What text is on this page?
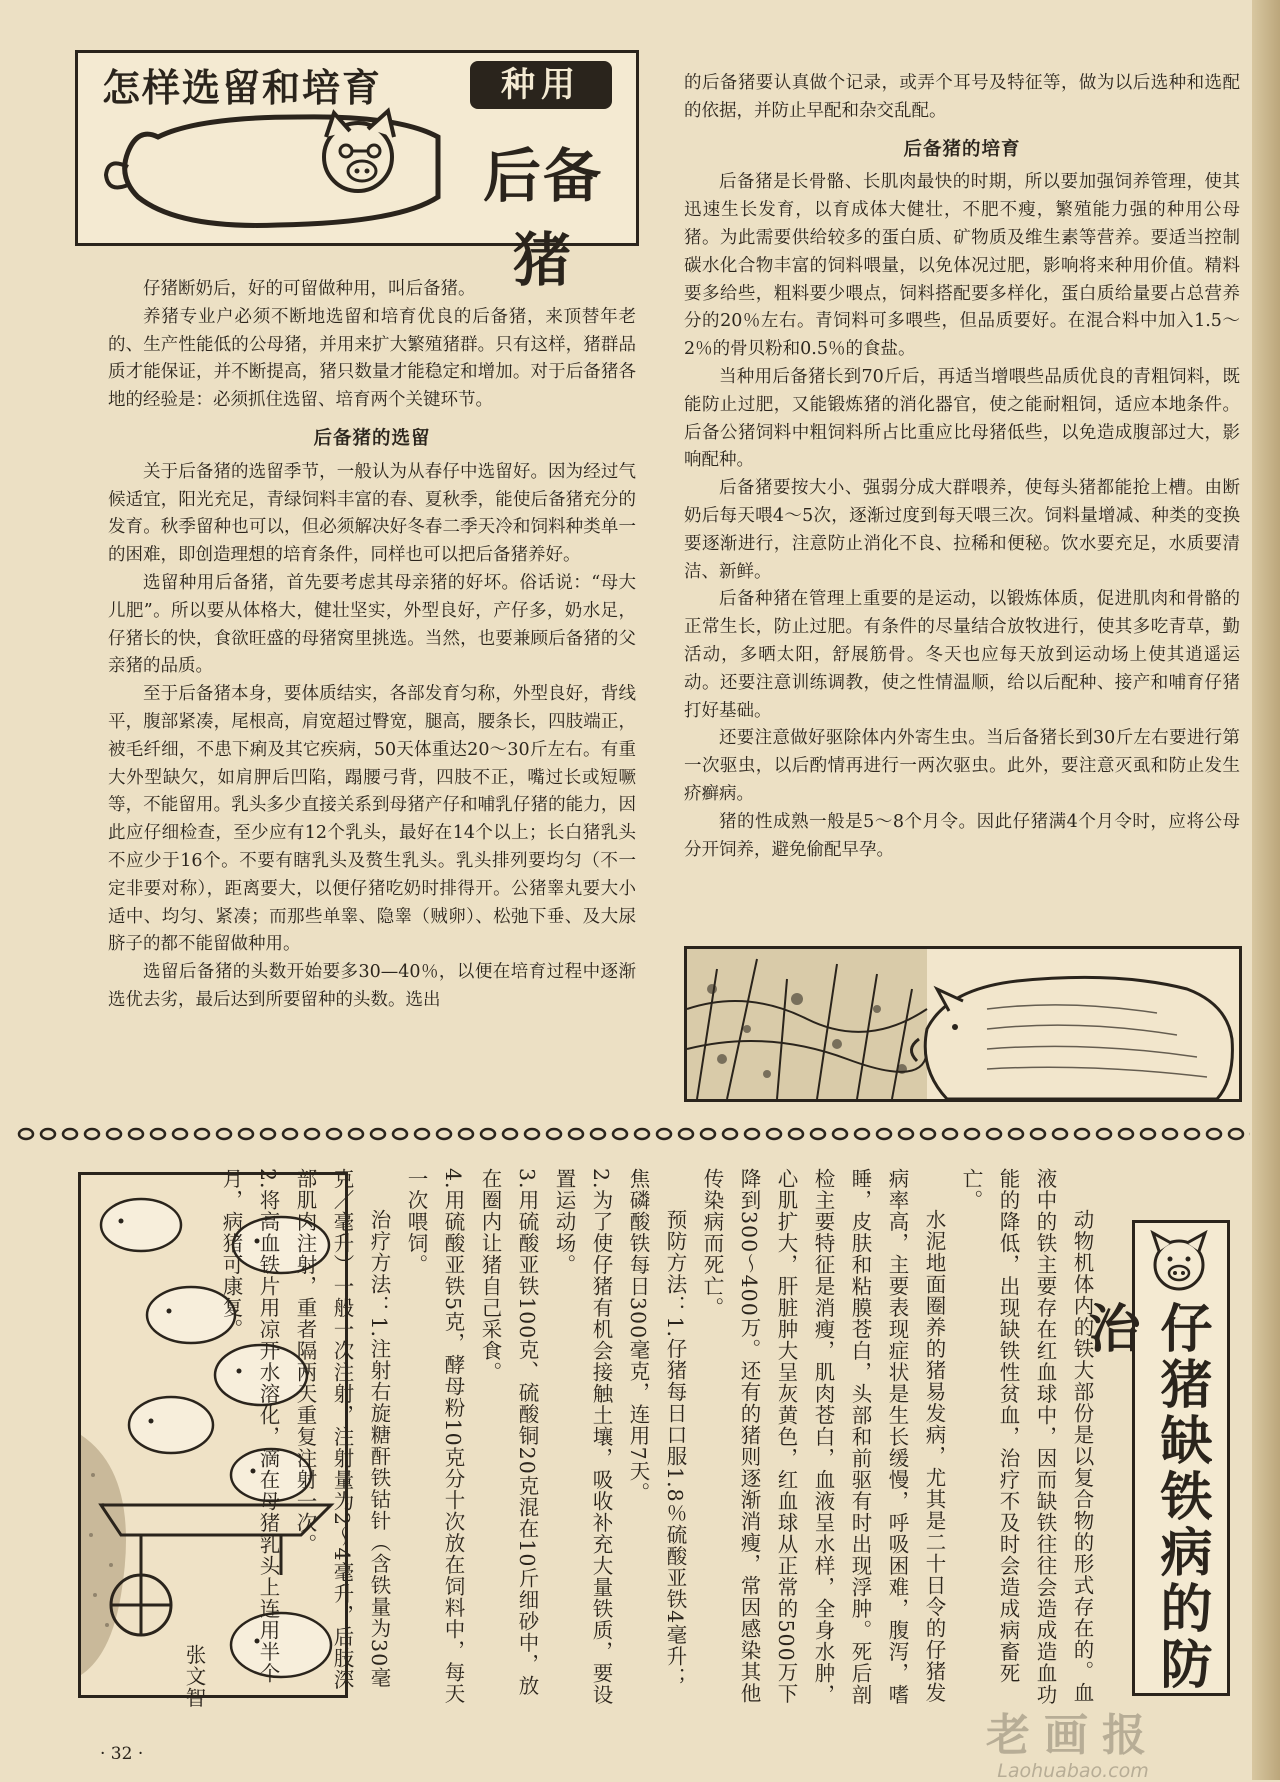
怎样选留和培育	种用
后备猪

仔猪断奶后，好的可留做种用，叫后备猪。

养猪专业户必须不断地选留和培育优良的后备猪，来顶替年老的、生产性能低的公母猪，并用来扩大繁殖猪群。只有这样，猪群品质才能保证，并不断提高，猪只数量才能稳定和增加。对于后备猪各地的经验是：必须抓住选留、培育两个关键环节。

后备猪的选留

关于后备猪的选留季节，一般认为从春仔中选留好。因为经过气候适宜，阳光充足，青绿饲料丰富的春、夏秋季，能使后备猪充分的发育。秋季留种也可以，但必须解决好冬春二季天冷和饲料种类单一的困难，即创造理想的培育条件，同样也可以把后备猪养好。

选留种用后备猪，首先要考虑其母亲猪的好坏。俗话说：“母大儿肥”。所以要从体格大，健壮坚实，外型良好，产仔多，奶水足，仔猪长的快，食欲旺盛的母猪窝里挑选。当然，也要兼顾后备猪的父亲猪的品质。

至于后备猪本身，要体质结实，各部发育匀称，外型良好，背线平，腹部紧凑，尾根高，肩宽超过臀宽，腿高，腰条长，四肢端正，被毛纤细，不患下痢及其它疾病，50天体重达20～30斤左右。有重大外型缺欠，如肩胛后凹陷，蹋腰弓背，四肢不正，嘴过长或短噘等，不能留用。乳头多少直接关系到母猪产仔和哺乳仔猪的能力，因此应仔细检查，至少应有12个乳头，最好在14个以上；长白猪乳头不应少于16个。不要有瞎乳头及赘生乳头。乳头排列要均匀（不一定非要对称），距离要大，以便仔猪吃奶时排得开。公猪睾丸要大小适中、均匀、紧凑；而那些单睾、隐睾（贼卵）、松弛下垂、及大尿脐子的都不能留做种用。

选留后备猪的头数开始要多30—40％，以便在培育过程中逐渐选优去劣，最后达到所要留种的头数。选出

的后备猪要认真做个记录，或弄个耳号及特征等，做为以后选种和选配的依据，并防止早配和杂交乱配。

后备猪的培育

后备猪是长骨骼、长肌肉最快的时期，所以要加强饲养管理，使其迅速生长发育，以育成体大健壮，不肥不瘦，繁殖能力强的种用公母猪。为此需要供给较多的蛋白质、矿物质及维生素等营养。要适当控制碳水化合物丰富的饲料喂量，以免体况过肥，影响将来种用价值。精料要多给些，粗料要少喂点，饲料搭配要多样化，蛋白质给量要占总营养分的20％左右。青饲料可多喂些，但品质要好。在混合料中加入1.5～2％的骨贝粉和0.5％的食盐。

当种用后备猪长到70斤后，再适当增喂些品质优良的青粗饲料，既能防止过肥，又能锻炼猪的消化器官，使之能耐粗饲，适应本地条件。后备公猪饲料中粗饲料所占比重应比母猪低些，以免造成腹部过大，影响配种。

后备猪要按大小、强弱分成大群喂养，使每头猪都能抢上槽。由断奶后每天喂4～5次，逐渐过度到每天喂三次。饲料量增减、种类的变换要逐渐进行，注意防止消化不良、拉稀和便秘。饮水要充足，水质要清洁、新鲜。

后备种猪在管理上重要的是运动，以锻炼体质，促进肌肉和骨骼的正常生长，防止过肥。有条件的尽量结合放牧进行，使其多吃青草，勤活动，多晒太阳，舒展筋骨。冬天也应每天放到运动场上使其逍遥运动。还要注意训练调教，使之性情温顺，给以后配种、接产和哺育仔猪打好基础。

还要注意做好驱除体内外寄生虫。当后备猪长到30斤左右要进行第一次驱虫，以后酌情再进行一两次驱虫。此外，要注意灭虱和防止发生疥癣病。

猪的性成熟一般是5～8个月令。因此仔猪满4个月令时，应将公母分开饲养，避免偷配早孕。

仔猪缺铁病的防治

动物机体内的铁大部份是以复合物的形式存在的。血液中的铁主要存在红血球中，因而缺铁往往会造成造血功能的降低，出现缺铁性贫血，治疗不及时会造成病畜死亡。

水泥地面圈养的猪易发病，尤其是二十日令的仔猪发病率高，主要表现症状是生长缓慢，呼吸困难，腹泻，嗜睡，皮肤和粘膜苍白，头部和前驱有时出现浮肿。死后剖检主要特征是消瘦，肌肉苍白，血液呈水样，全身水肿，心肌扩大，肝脏肿大呈灰黄色，红血球从正常的500万下降到300～400万。还有的猪则逐渐消瘦，常因感染其他传染病而死亡。

预防方法：1.仔猪每日口服1.8％硫酸亚铁4毫升；焦磷酸铁每日300毫克，连用7天。

2.为了使仔猪有机会接触土壤，吸收补充大量铁质，要设置运动场。

3.用硫酸亚铁100克、硫酸铜20克混在10斤细砂中，放在圈内让猪自己采食。

4.用硫酸亚铁5克，酵母粉10克分十次放在饲料中，每天一次喂饲。

治疗方法：1.注射右旋糖酐铁钴针（含铁量为30毫克／毫升）一般一次注射，注射量为2～4毫升，后肢深部肌肉注射，重者隔两天重复注射一次。

2.将高血铁片用凉开水溶化，滴在母猪乳头上连用半个月，病猪可康复。

张文智
· 32 ·	老画报
Laohuabao.com
